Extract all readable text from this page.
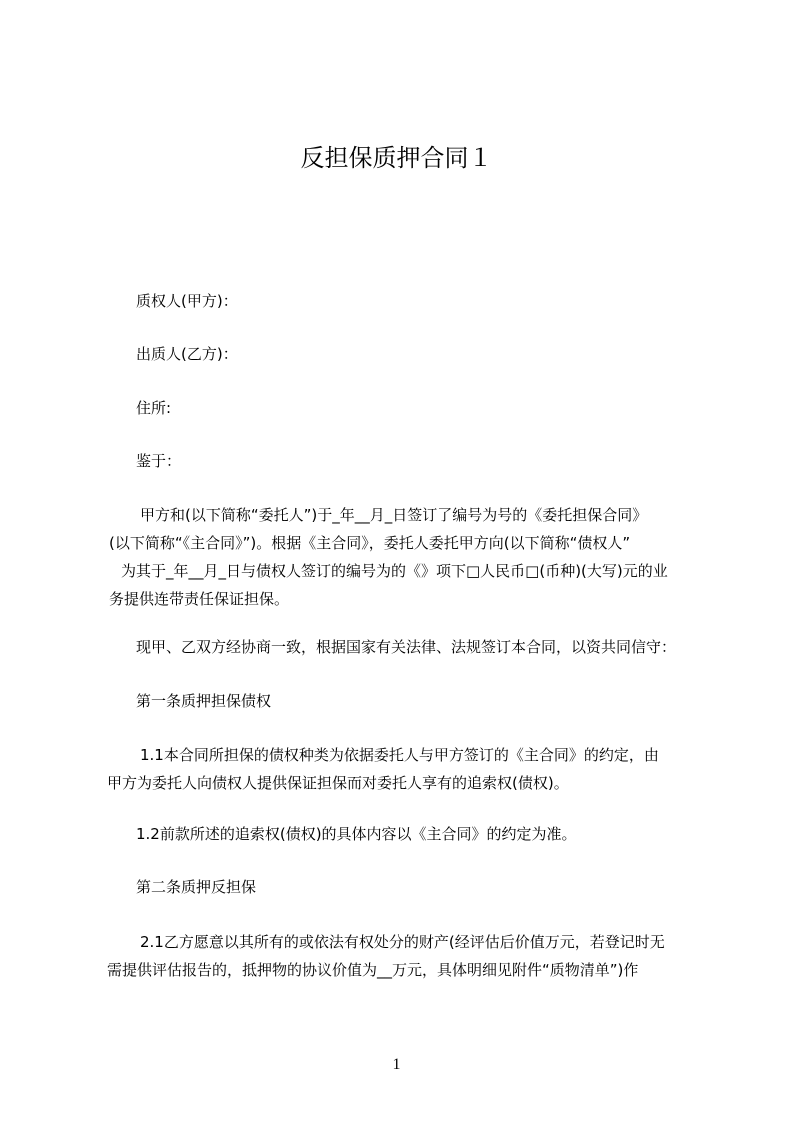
反担保质押合同１
质权人(甲方)：
出质人(乙方)：
住所:
鉴于：
甲方和(以下简称“委托人”)于_年__月_日签订了编号为号的《委托担保合同》
(以下简称“《主合同》”)。根据《主合同》，委托人委托甲方向(以下简称“债权人”
为其于_年__月_日与债权人签订的编号为的《》项下□人民币□(币种)(大写)元的业
务提供连带责任保证担保。
现甲、乙双方经协商一致，根据国家有关法律、法规签订本合同，以资共同信守：
第一条质押担保债权
1.1本合同所担保的债权种类为依据委托人与甲方签订的《主合同》的约定，由
甲方为委托人向债权人提供保证担保而对委托人享有的追索权(债权)。
1.2前款所述的追索权(债权)的具体内容以《主合同》的约定为准。
第二条质押反担保
2.1乙方愿意以其所有的或依法有权处分的财产(经评估后价值万元，若登记时无
需提供评估报告的，抵押物的协议价值为__万元，具体明细见附件“质物清单”)作
1
